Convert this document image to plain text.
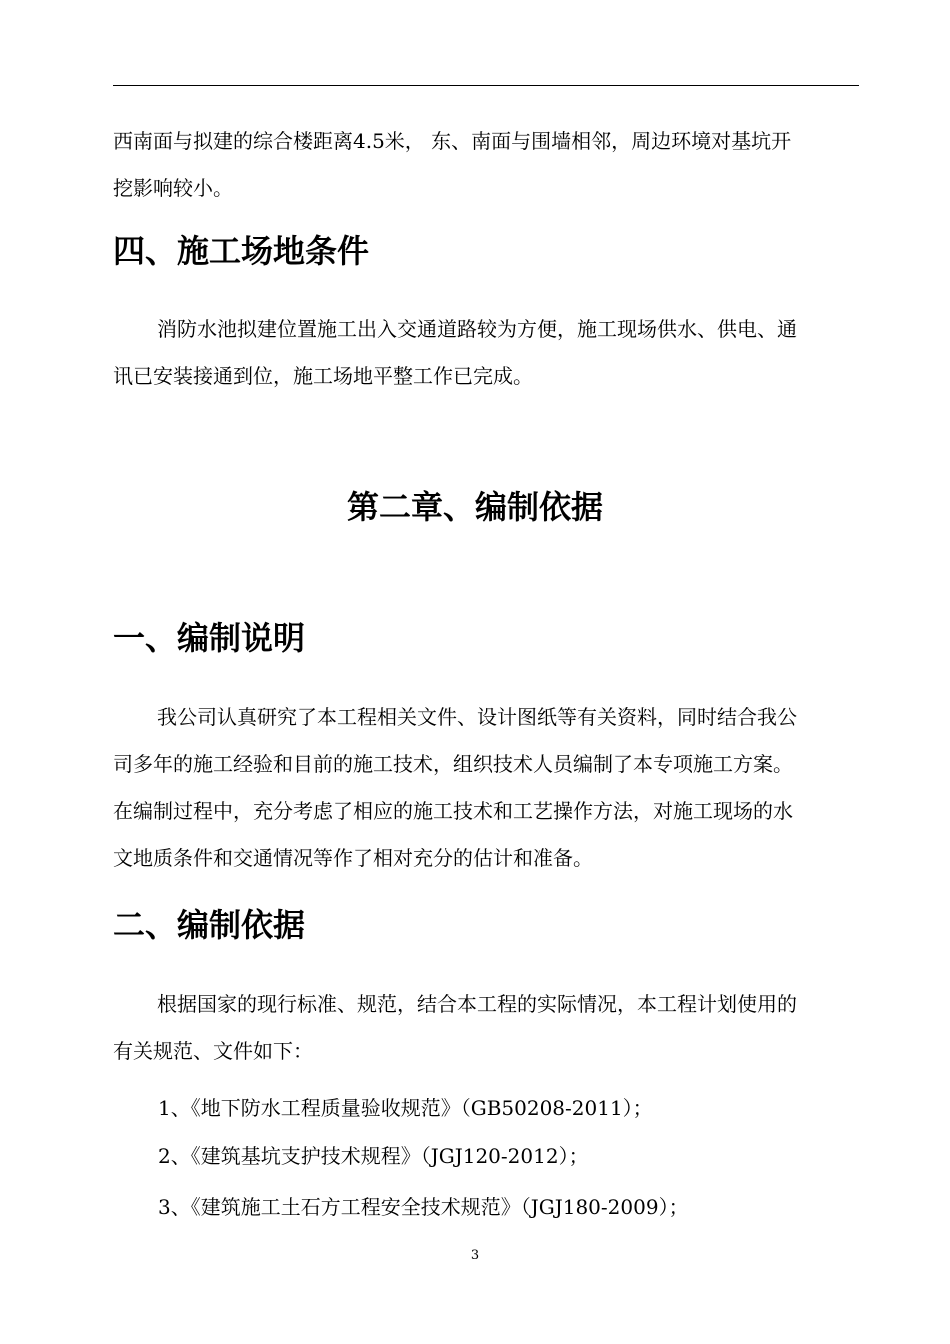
西南面与拟建的综合楼距离4.5米， 东、南面与围墙相邻，周边环境对基坑开
挖影响较小。
四、施工场地条件
消防水池拟建位置施工出入交通道路较为方便，施工现场供水、供电、通
讯已安装接通到位，施工场地平整工作已完成。
第二章、编制依据
一、编制说明
我公司认真研究了本工程相关文件、设计图纸等有关资料，同时结合我公
司多年的施工经验和目前的施工技术，组织技术人员编制了本专项施工方案。
在编制过程中，充分考虑了相应的施工技术和工艺操作方法，对施工现场的水
文地质条件和交通情况等作了相对充分的估计和准备。
二、编制依据
根据国家的现行标准、规范，结合本工程的实际情况，本工程计划使用的
有关规范、文件如下：
1、《地下防水工程质量验收规范》（GB50208-2011）；
2、《建筑基坑支护技术规程》（JGJ120-2012）；
3、《建筑施工土石方工程安全技术规范》（JGJ180-2009）；
3
